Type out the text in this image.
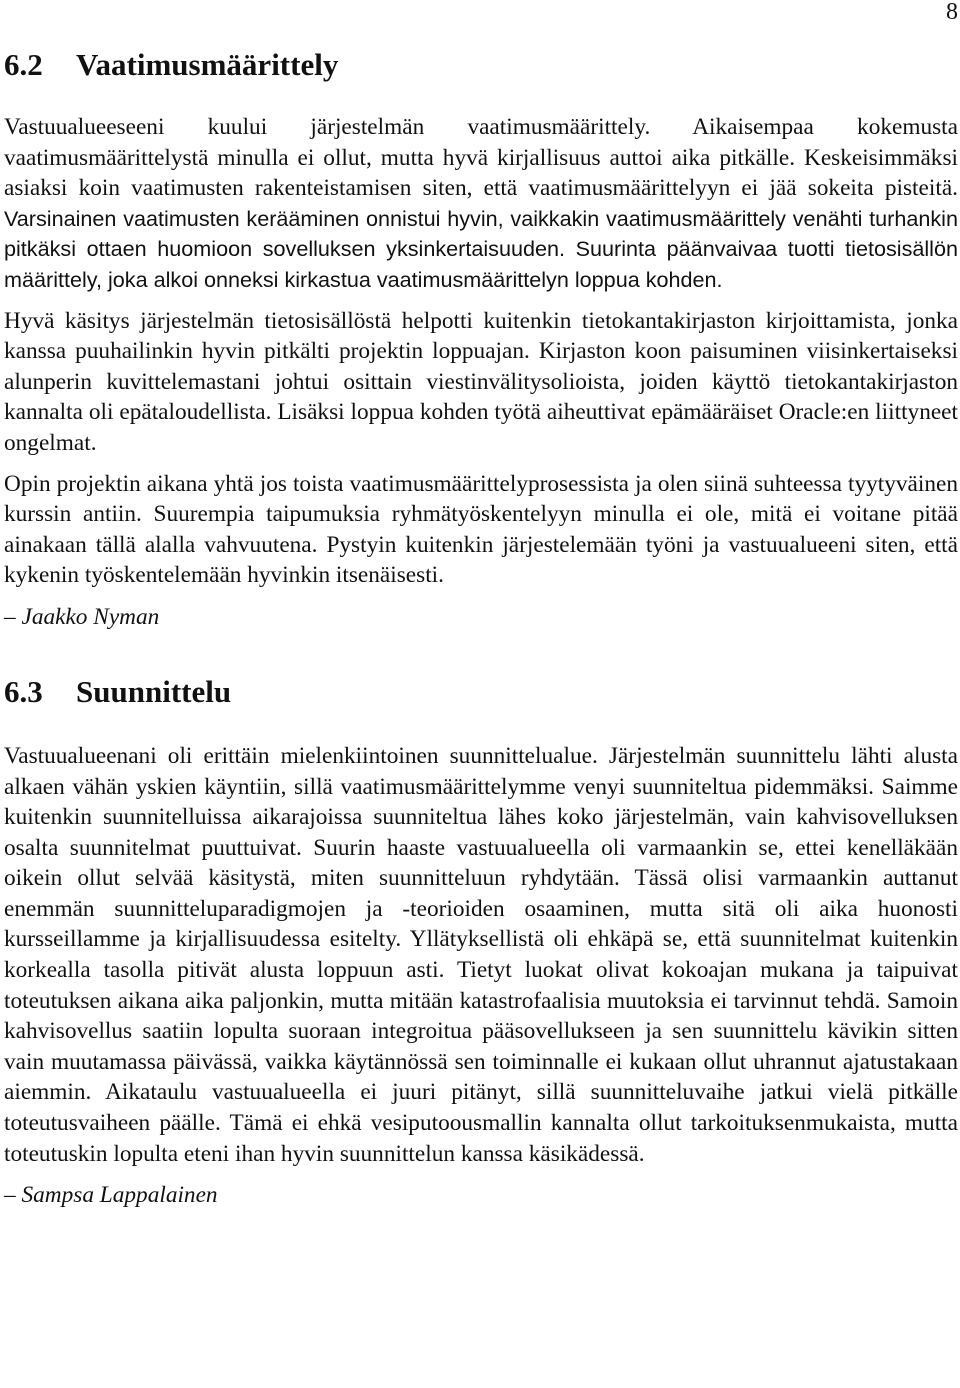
8
6.2	Vaatimusmäärittely
Vastuualueeseeni kuului järjestelmän vaatimusmäärittely. Aikaisempaa kokemusta vaatimusmäärittelystä minulla ei ollut, mutta hyvä kirjallisuus auttoi aika pitkälle. Keskeisimmäksi asiaksi koin vaatimusten rakenteistamisen siten, että vaatimusmäärittelyyn ei jää sokeita pisteitä. Varsinainen vaatimusten kerääminen onnistui hyvin, vaikkakin vaatimusmäärittely venähti turhankin pitkäksi ottaen huomioon sovelluksen yksinkertaisuuden. Suurinta päänvaivaa tuotti tietosisällön määrittely, joka alkoi onneksi kirkastua vaatimusmäärittelyn loppua kohden.
Hyvä käsitys järjestelmän tietosisällöstä helpotti kuitenkin tietokantakirjaston kirjoittamista, jonka kanssa puuhailinkin hyvin pitkälti projektin loppuajan. Kirjaston koon paisuminen viisinkertaiseksi alunperin kuvittelemastani johtui osittain viestinvälitysolioista, joiden käyttö tietokantakirjaston kannalta oli epätaloudellista. Lisäksi loppua kohden työtä aiheuttivat epämääräiset Oracle:en liittyneet ongelmat.
Opin projektin aikana yhtä jos toista vaatimusmäärittelyprosessista ja olen siinä suhteessa tyytyväinen kurssin antiin. Suurempia taipumuksia ryhmätyöskentelyyn minulla ei ole, mitä ei voitane pitää ainakaan tällä alalla vahvuutena. Pystyin kuitenkin järjestelemään työni ja vastuualueeni siten, että kykenin työskentelemään hyvinkin itsenäisesti.
– Jaakko Nyman
6.3	Suunnittelu
Vastuualueenani oli erittäin mielenkiintoinen suunnittelualue. Järjestelmän suunnittelu lähti alusta alkaen vähän yskien käyntiin, sillä vaatimusmäärittelymme venyi suunniteltua pidemmäksi. Saimme kuitenkin suunnitelluissa aikarajoissa suunniteltua lähes koko järjestelmän, vain kahvisovelluksen osalta suunnitelmat puuttuivat. Suurin haaste vastuualueella oli varmaankin se, ettei kenelläkään oikein ollut selvää käsitystä, miten suunnitteluun ryhdytään. Tässä olisi varmaankin auttanut enemmän suunnitteluparadigmojen ja -teorioiden osaaminen, mutta sitä oli aika huonosti kursseillamme ja kirjallisuudessa esitelty. Yllätyksellistä oli ehkäpä se, että suunnitelmat kuitenkin korkealla tasolla pitivät alusta loppuun asti. Tietyt luokat olivat kokoajan mukana ja taipuivat toteutuksen aikana aika paljonkin, mutta mitään katastrofaalisia muutoksia ei tarvinnut tehdä. Samoin kahvisovellus saatiin lopulta suoraan integroitua pääsovellukseen ja sen suunnittelu kävikin sitten vain muutamassa päivässä, vaikka käytännössä sen toiminnalle ei kukaan ollut uhrannut ajatustakaan aiemmin. Aikataulu vastuualueella ei juuri pitänyt, sillä suunnitteluvaihe jatkui vielä pitkälle toteutusvaiheen päälle. Tämä ei ehkä vesiputoousmallin kannalta ollut tarkoituksenmukaista, mutta toteutuskin lopulta eteni ihan hyvin suunnittelun kanssa käsikädessä.
– Sampsa Lappalainen
